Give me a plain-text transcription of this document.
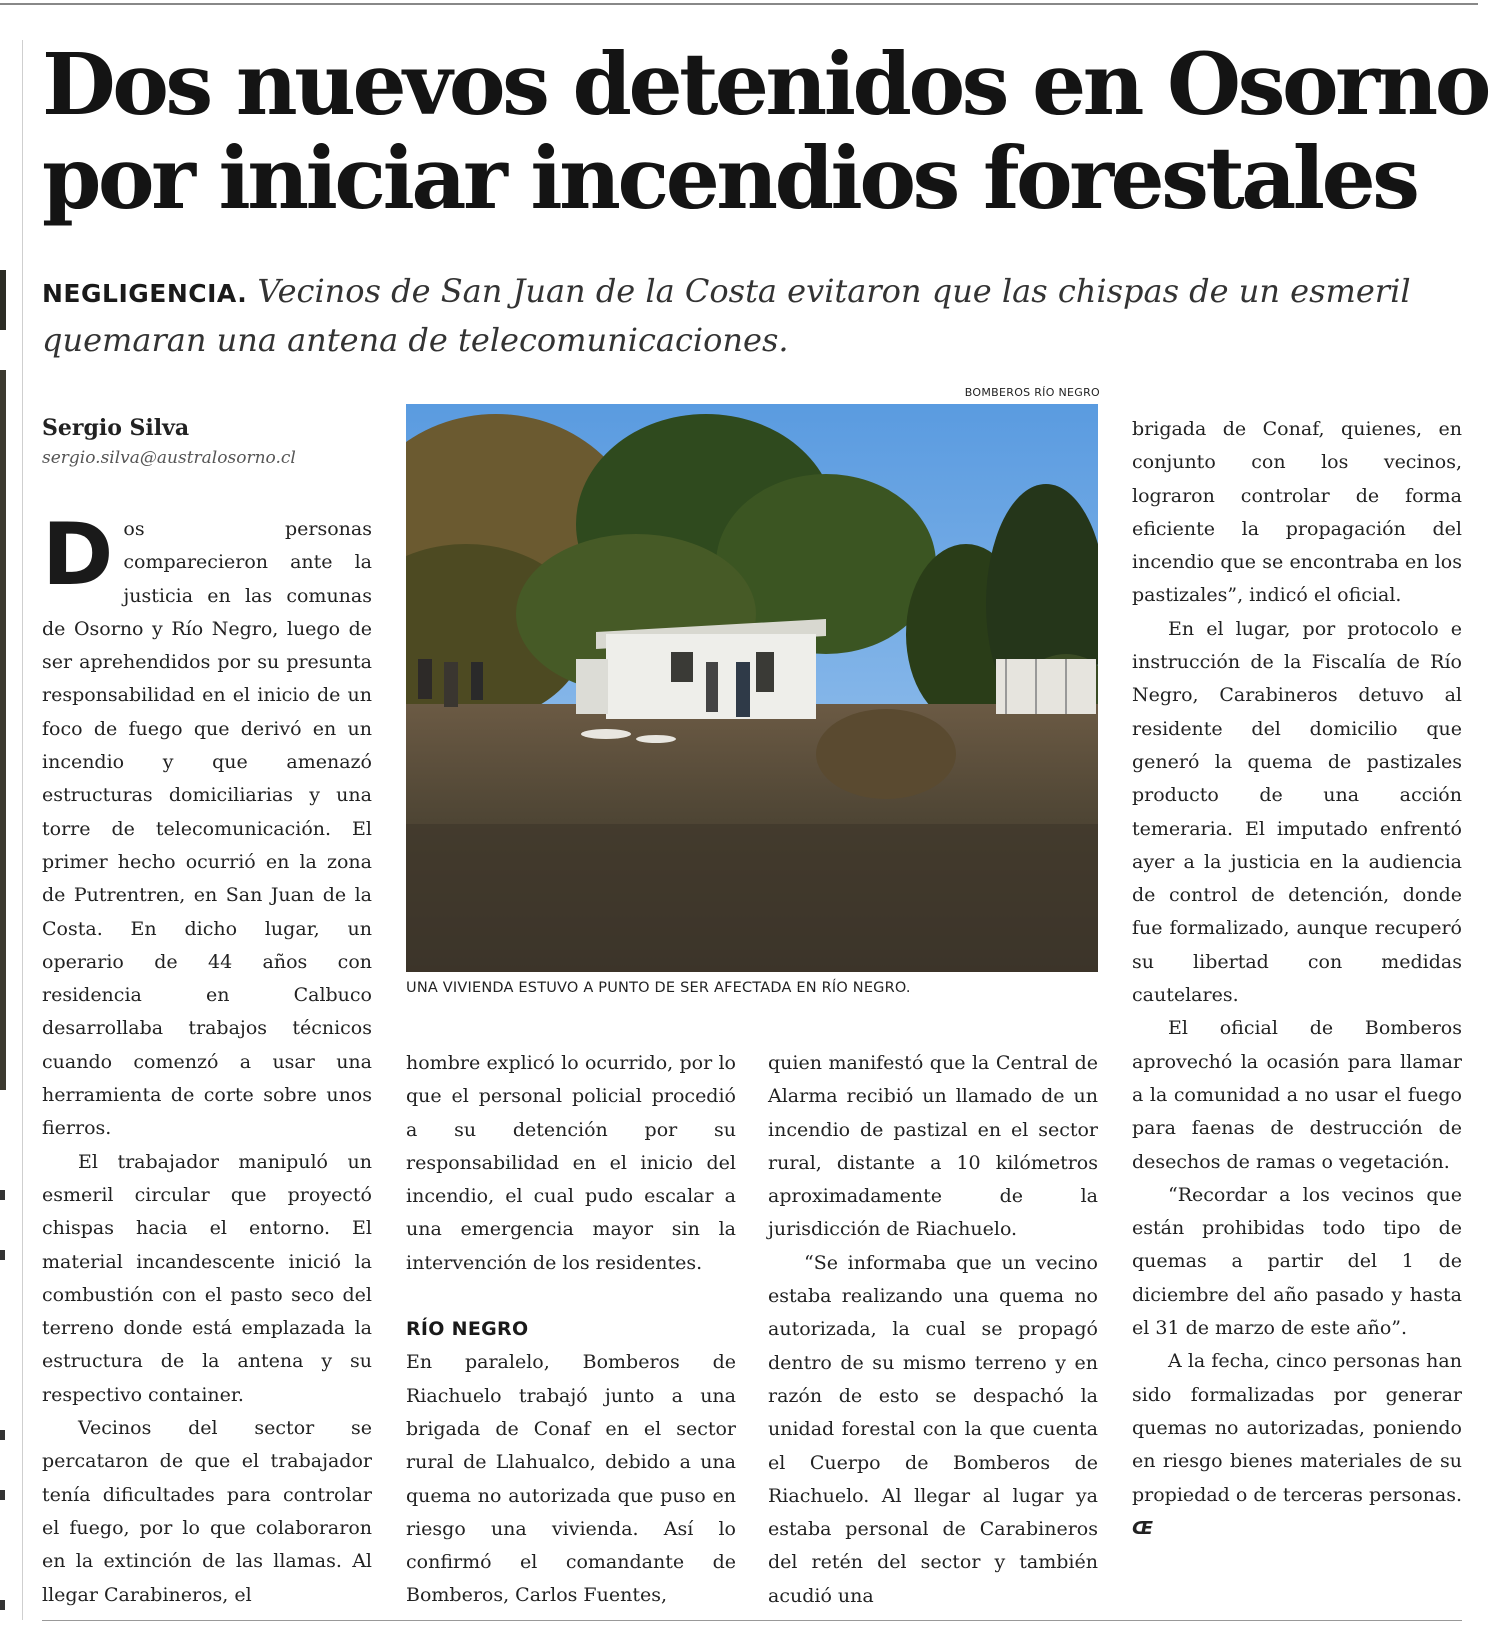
Dos nuevos detenidos en Osorno
por iniciar incendios forestales
NEGLIGENCIA. Vecinos de San Juan de la Costa evitaron que las chispas de un esmeril quemaran una antena de telecomunicaciones.
Sergio Silva
sergio.silva@australosorno.cl
BOMBEROS RÍO NEGRO
UNA VIVIENDA ESTUVO A PUNTO DE SER AFECTADA EN RÍO NEGRO.

Dos personas comparecieron ante la justicia en las comunas de Osorno y Río Negro, luego de ser aprehendidos por su presunta responsabilidad en el inicio de un foco de fuego que derivó en un incendio y que amenazó estructuras domiciliarias y una torre de telecomunicación. El primer hecho ocurrió en la zona de Putrentren, en San Juan de la Costa. En dicho lugar, un operario de 44 años con residencia en Calbuco desarrollaba trabajos técnicos cuando comenzó a usar una herramienta de corte sobre unos fierros.

El trabajador manipuló un esmeril circular que proyectó chispas hacia el entorno. El material incandescente inició la combustión con el pasto seco del terreno donde está emplazada la estructura de la antena y su respectivo container.

Vecinos del sector se percataron de que el trabajador tenía dificultades para controlar el fuego, por lo que colaboraron en la extinción de las llamas. Al llegar Carabineros, el

hombre explicó lo ocurrido, por lo que el personal policial procedió a su detención por su responsabilidad en el inicio del incendio, el cual pudo escalar a una emergencia mayor sin la intervención de los residentes.

RÍO NEGRO

En paralelo, Bomberos de Riachuelo trabajó junto a una brigada de Conaf en el sector rural de Llahualco, debido a una quema no autorizada que puso en riesgo una vivienda. Así lo confirmó el comandante de Bomberos, Carlos Fuentes,

quien manifestó que la Central de Alarma recibió un llamado de un incendio de pastizal en el sector rural, distante a 10 kilómetros aproximadamente de la jurisdicción de Riachuelo.

“Se informaba que un vecino estaba realizando una quema no autorizada, la cual se propagó dentro de su mismo terreno y en razón de esto se despachó la unidad forestal con la que cuenta el Cuerpo de Bomberos de Riachuelo. Al llegar al lugar ya estaba personal de Carabineros del retén del sector y también acudió una

brigada de Conaf, quienes, en conjunto con los vecinos, lograron controlar de forma eficiente la propagación del incendio que se encontraba en los pastizales”, indicó el oficial.

En el lugar, por protocolo e instrucción de la Fiscalía de Río Negro, Carabineros detuvo al residente del domicilio que generó la quema de pastizales producto de una acción temeraria. El imputado enfrentó ayer a la justicia en la audiencia de control de detención, donde fue formalizado, aunque recuperó su libertad con medidas cautelares.

El oficial de Bomberos aprovechó la ocasión para llamar a la comunidad a no usar el fuego para faenas de destrucción de desechos de ramas o vegetación.

“Recordar a los vecinos que están prohibidas todo tipo de quemas a partir del 1 de diciembre del año pasado y hasta el 31 de marzo de este año”.

A la fecha, cinco personas han sido formalizadas por generar quemas no autorizadas, poniendo en riesgo bienes materiales de su propiedad o de terceras personas. Œ
